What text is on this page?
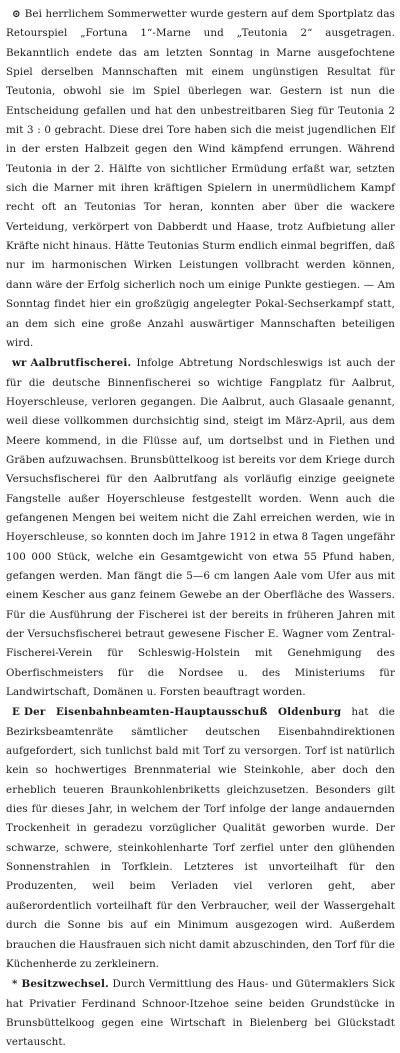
⊙ Bei herrlichem Sommerwetter wurde gestern auf dem Sportplatz das Retourspiel „Fortuna 1“-Marne und „Teutonia 2“ ausgetragen. Bekanntlich endete das am letzten Sonntag in Marne ausgefochtene Spiel derselben Mannschaften mit einem ungünstigen Resultat für Teutonia, obwohl sie im Spiel überlegen war. Gestern ist nun die Entscheidung gefallen und hat den unbestreitbaren Sieg für Teutonia 2 mit 3 : 0 gebracht. Diese drei Tore haben sich die meist jugendlichen Elf in der ersten Halbzeit gegen den Wind kämpfend errungen. Während Teutonia in der 2. Hälfte von sichtlicher Ermüdung erfaßt war, setzten sich die Marner mit ihren kräftigen Spielern in unermüdlichem Kampf recht oft an Teutonias Tor heran, konnten aber über die wackere Verteidung, verkörpert von Dabberdt und Haase, trotz Aufbietung aller Kräfte nicht hinaus. Hätte Teutonias Sturm endlich einmal begriffen, daß nur im harmonischen Wirken Leistungen vollbracht werden können, dann wäre der Erfolg sicherlich noch um einige Punkte gestiegen. — Am Sonntag findet hier ein großzügig angelegter Pokal-Sechserkampf statt, an dem sich eine große Anzahl auswärtiger Mannschaften beteiligen wird.

wr Aalbrutfischerei. Infolge Abtretung Nordschleswigs ist auch der für die deutsche Binnenfischerei so wichtige Fangplatz für Aalbrut, Hoyerschleuse, verloren gegangen. Die Aalbrut, auch Glasaale genannt, weil diese vollkommen durchsichtig sind, steigt im März-April, aus dem Meere kommend, in die Flüsse auf, um dortselbst und in Fiethen und Gräben aufzuwachsen. Brunsbüttelkoog ist bereits vor dem Kriege durch Versuchsfischerei für den Aalbrutfang als vorläufig einzige geeignete Fangstelle außer Hoyerschleuse festgestellt worden. Wenn auch die gefangenen Mengen bei weitem nicht die Zahl erreichen werden, wie in Hoyerschleuse, so konnten doch im Jahre 1912 in etwa 8 Tagen ungefähr 100 000 Stück, welche ein Gesamtgewicht von etwa 55 Pfund haben, gefangen werden. Man fängt die 5—6 cm langen Aale vom Ufer aus mit einem Kescher aus ganz feinem Gewebe an der Oberfläche des Wassers. Für die Ausführung der Fischerei ist der bereits in früheren Jahren mit der Versuchsfischerei betraut gewesene Fischer E. Wagner vom Zentral-Fischerei-Verein für Schleswig-Holstein mit Genehmigung des Oberfischmeisters für die Nordsee u. des Ministeriums für Landwirtschaft, Domänen u. Forsten beauftragt worden.

E Der Eisenbahnbeamten-Hauptausschuß Oldenburg hat die Bezirksbeamtenräte sämtlicher deutschen Eisenbahndirektionen aufgefordert, sich tunlichst bald mit Torf zu versorgen. Torf ist natürlich kein so hochwertiges Brennmaterial wie Steinkohle, aber doch den erheblich teueren Braunkohlenbriketts gleichzusetzen. Besonders gilt dies für dieses Jahr, in welchem der Torf infolge der lange andauernden Trockenheit in geradezu vorzüglicher Qualität geworben wurde. Der schwarze, schwere, steinkohlenharte Torf zerfiel unter den glühenden Sonnenstrahlen in Torfklein. Letzteres ist unvorteilhaft für den Produzenten, weil beim Verladen viel verloren geht, aber außerordentlich vorteilhaft für den Verbraucher, weil der Wassergehalt durch die Sonne bis auf ein Minimum ausgezogen wird. Außerdem brauchen die Hausfrauen sich nicht damit abzuschinden, den Torf für die Küchenherde zu zerkleinern.

* Besitzwechsel. Durch Vermittlung des Haus- und Gütermaklers Sick hat Privatier Ferdinand Schnoor-Itzehoe seine beiden Grundstücke in Brunsbüttelkoog gegen eine Wirtschaft in Bielenberg bei Glückstadt vertauscht.
